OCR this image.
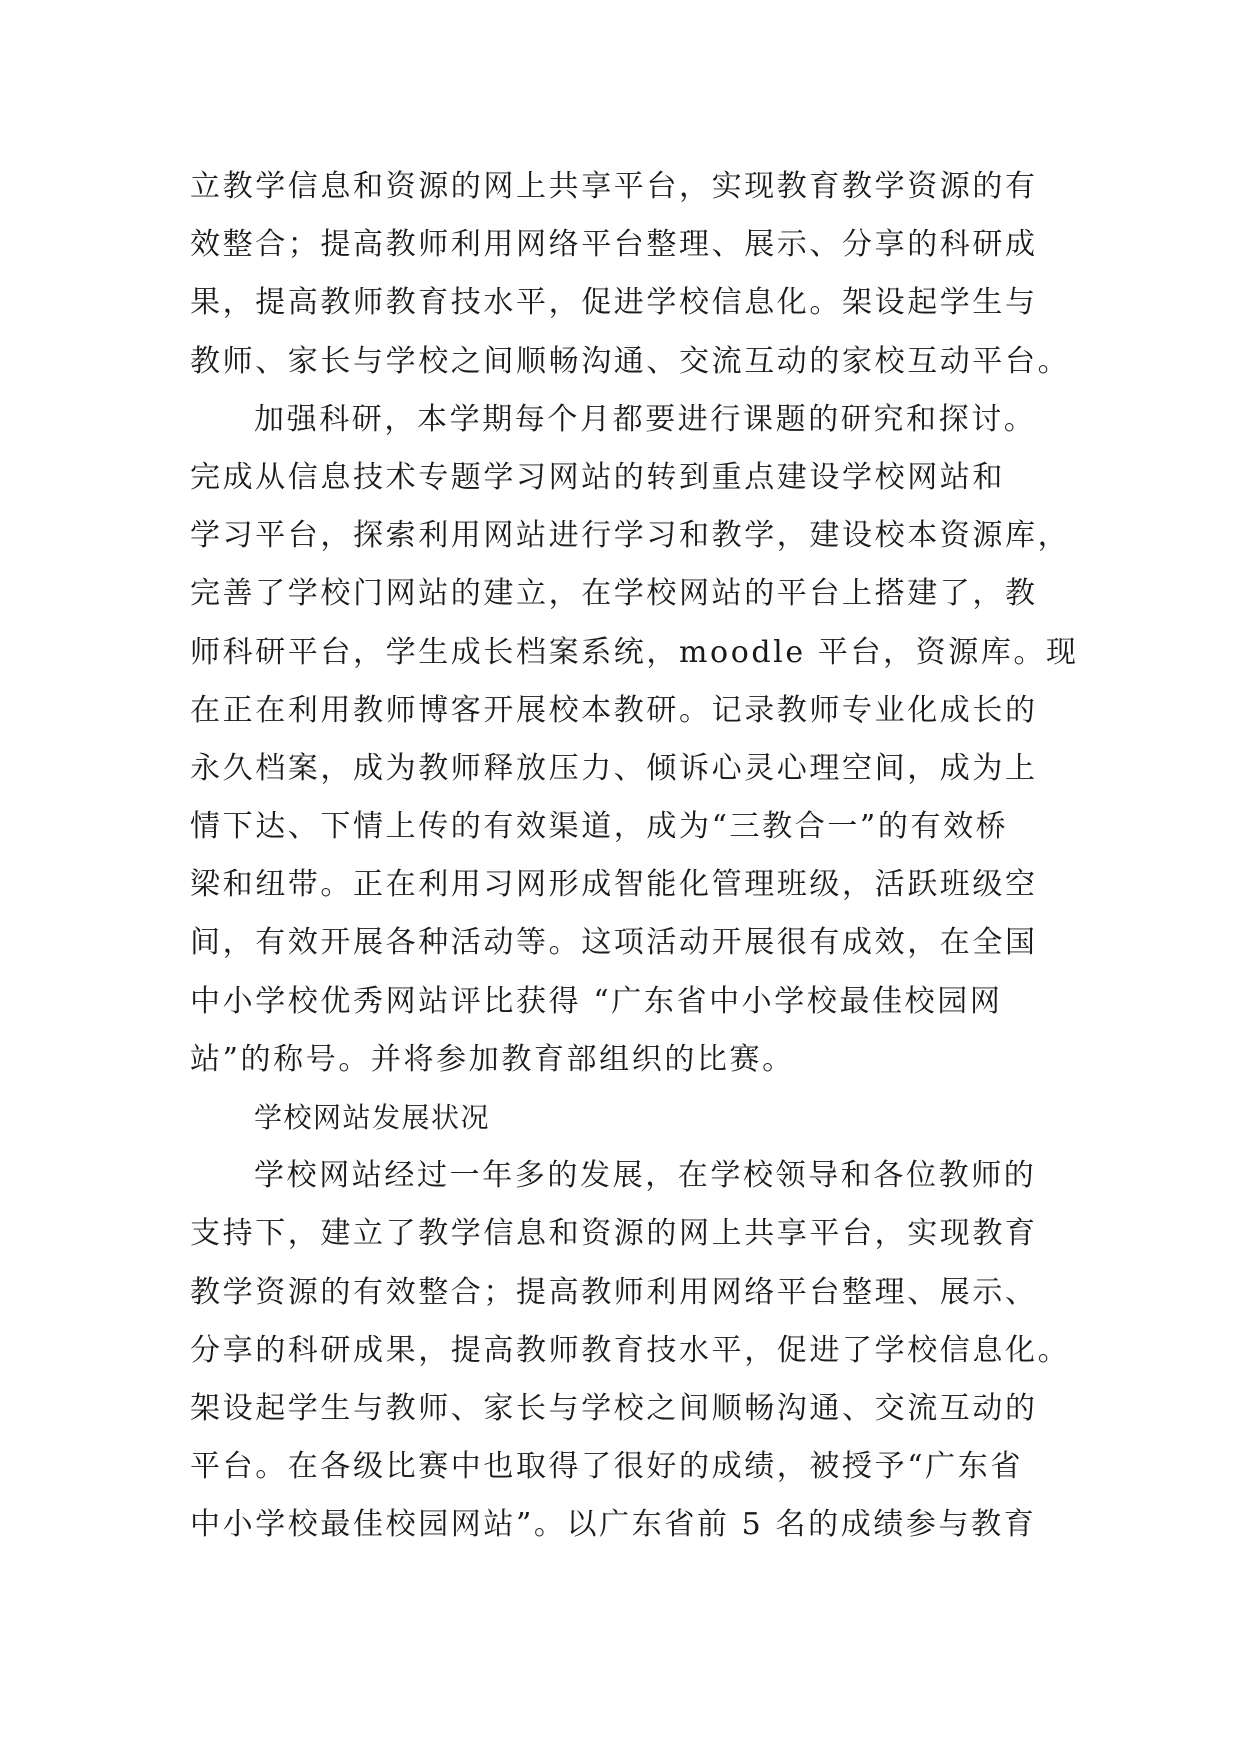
立教学信息和资源的网上共享平台，实现教育教学资源的有
效整合；提高教师利用网络平台整理、展示、分享的科研成
果，提高教师教育技水平，促进学校信息化。架设起学生与
教师、家长与学校之间顺畅沟通、交流互动的家校互动平台。
加强科研，本学期每个月都要进行课题的研究和探讨。
完成从信息技术专题学习网站的转到重点建设学校网站和
学习平台，探索利用网站进行学习和教学，建设校本资源库，
完善了学校门网站的建立，在学校网站的平台上搭建了，教
师科研平台，学生成长档案系统，moodle 平台，资源库。现
在正在利用教师博客开展校本教研。记录教师专业化成长的
永久档案，成为教师释放压力、倾诉心灵心理空间，成为上
情下达、下情上传的有效渠道，成为“三教合一”的有效桥
梁和纽带。正在利用习网形成智能化管理班级，活跃班级空
间，有效开展各种活动等。这项活动开展很有成效，在全国
中小学校优秀网站评比获得 “广东省中小学校最佳校园网
站”的称号。并将参加教育部组织的比赛。
学校网站发展状况
学校网站经过一年多的发展，在学校领导和各位教师的
支持下，建立了教学信息和资源的网上共享平台，实现教育
教学资源的有效整合；提高教师利用网络平台整理、展示、
分享的科研成果，提高教师教育技水平，促进了学校信息化。
架设起学生与教师、家长与学校之间顺畅沟通、交流互动的
平台。在各级比赛中也取得了很好的成绩，被授予“广东省
中小学校最佳校园网站”。以广东省前 5 名的成绩参与教育
